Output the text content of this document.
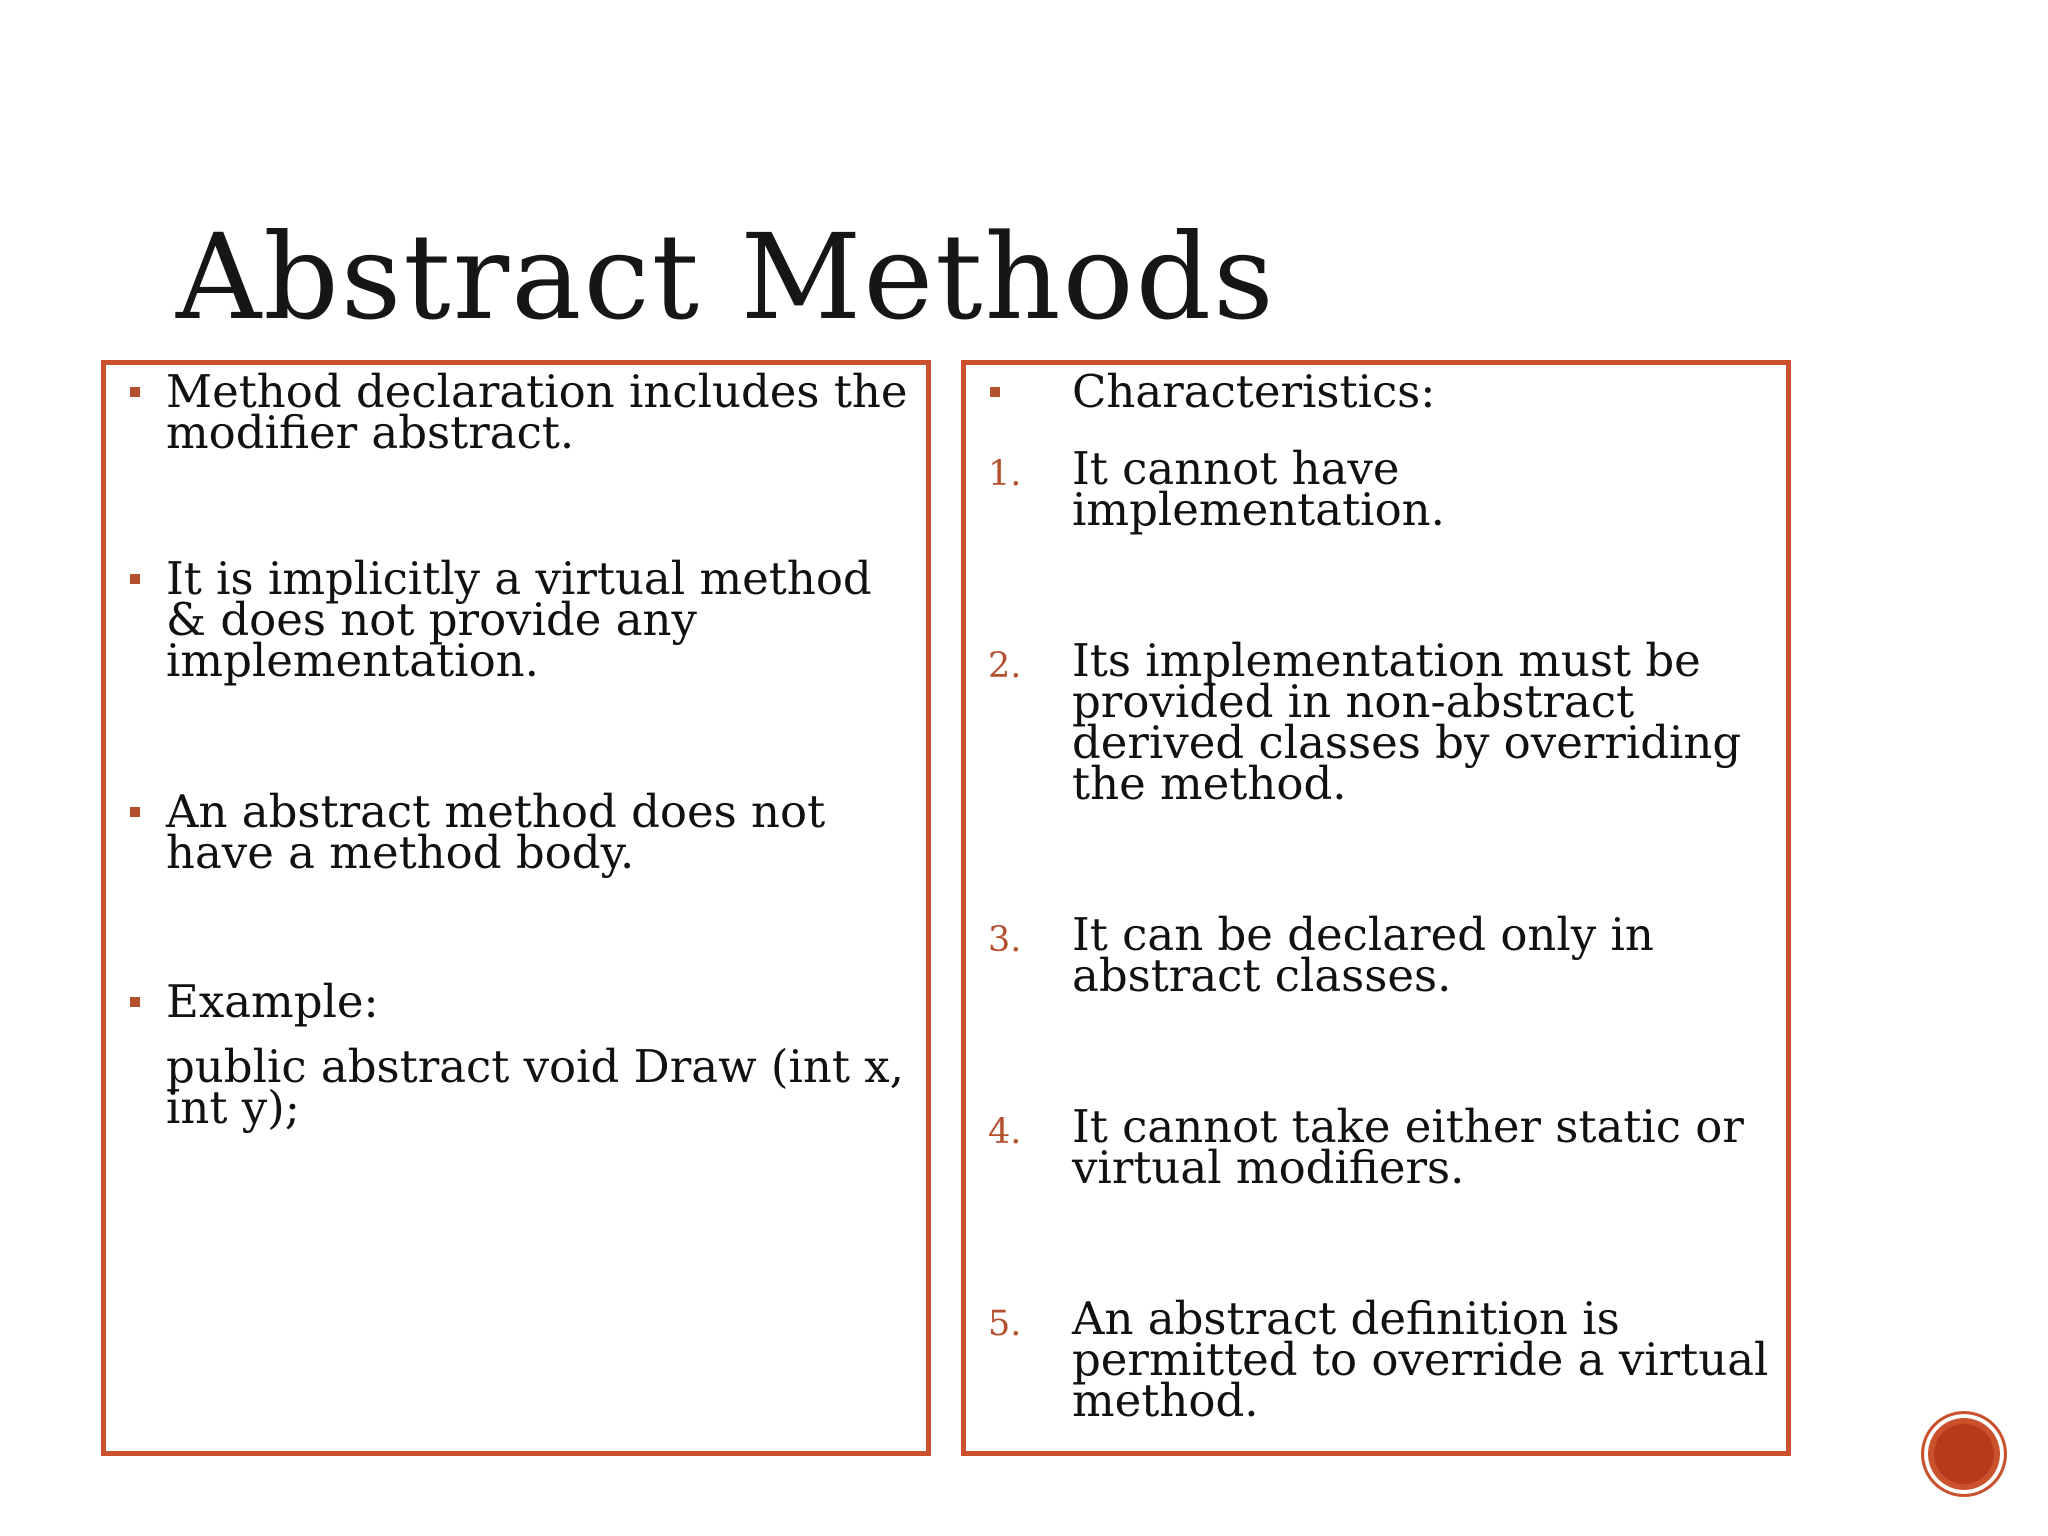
Abstract Methods
Method declaration includes the modifier abstract.
It is implicitly a virtual method & does not provide any implementation.
An abstract method does not have a method body.
Example:
public abstract void Draw (int x, int y);
Characteristics:
1. It cannot have implementation.
2. Its implementation must be provided in non-abstract derived classes by overriding the method.
3. It can be declared only in abstract classes.
4. It cannot take either static or virtual modifiers.
5. An abstract definition is permitted to override a virtual method.
